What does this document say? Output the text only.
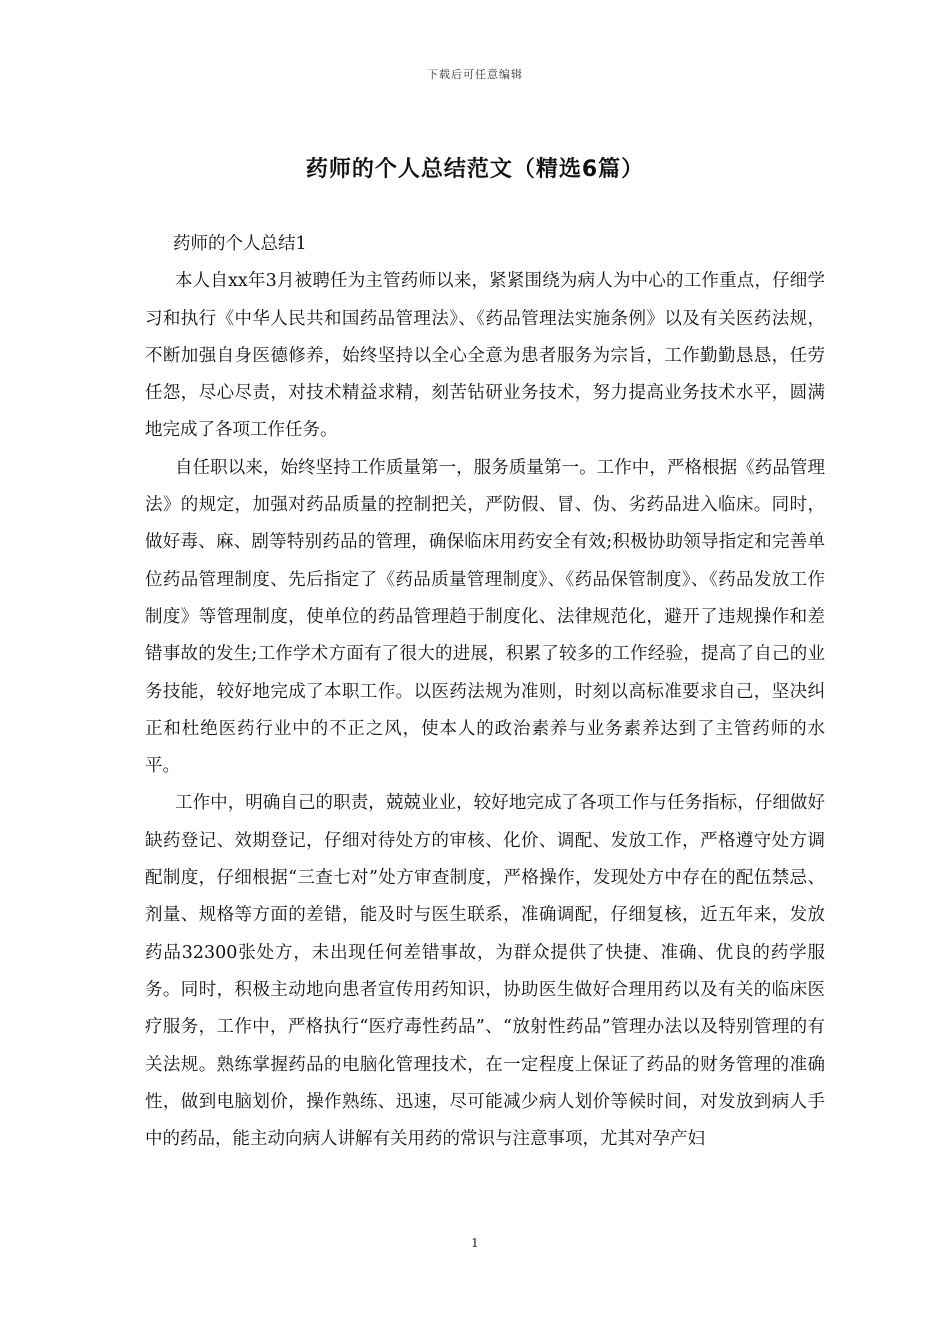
下载后可任意编辑
药师的个人总结范文（精选6篇）

药师的个人总结1

本人自xx年3月被聘任为主管药师以来，紧紧围绕为病人为中心的工作重点，仔细学习和执行《中华人民共和国药品管理法》、《药品管理法实施条例》以及有关医药法规，不断加强自身医德修养，始终坚持以全心全意为患者服务为宗旨，工作勤勤恳恳，任劳任怨，尽心尽责，对技术精益求精，刻苦钻研业务技术，努力提高业务技术水平，圆满地完成了各项工作任务。

自任职以来，始终坚持工作质量第一，服务质量第一。工作中，严格根据《药品管理法》的规定，加强对药品质量的控制把关，严防假、冒、伪、劣药品进入临床。同时，做好毒、麻、剧等特别药品的管理，确保临床用药安全有效;积极协助领导指定和完善单位药品管理制度、先后指定了《药品质量管理制度》、《药品保管制度》、《药品发放工作制度》等管理制度，使单位的药品管理趋于制度化、法律规范化，避开了违规操作和差错事故的发生;工作学术方面有了很大的进展，积累了较多的工作经验，提高了自己的业务技能，较好地完成了本职工作。以医药法规为准则，时刻以高标准要求自己，坚决纠正和杜绝医药行业中的不正之风，使本人的政治素养与业务素养达到了主管药师的水平。

工作中，明确自己的职责，兢兢业业，较好地完成了各项工作与任务指标，仔细做好缺药登记、效期登记，仔细对待处方的审核、化价、调配、发放工作，严格遵守处方调配制度，仔细根据“三查七对”处方审查制度，严格操作，发现处方中存在的配伍禁忌、剂量、规格等方面的差错，能及时与医生联系，准确调配，仔细复核，近五年来，发放药品32300张处方，未出现任何差错事故，为群众提供了快捷、准确、优良的药学服务。同时，积极主动地向患者宣传用药知识，协助医生做好合理用药以及有关的临床医疗服务，工作中，严格执行“医疗毒性药品”、“放射性药品”管理办法以及特别管理的有关法规。熟练掌握药品的电脑化管理技术，在一定程度上保证了药品的财务管理的准确性，做到电脑划价，操作熟练、迅速，尽可能减少病人划价等候时间，对发放到病人手中的药品，能主动向病人讲解有关用药的常识与注意事项，尤其对孕产妇

1
